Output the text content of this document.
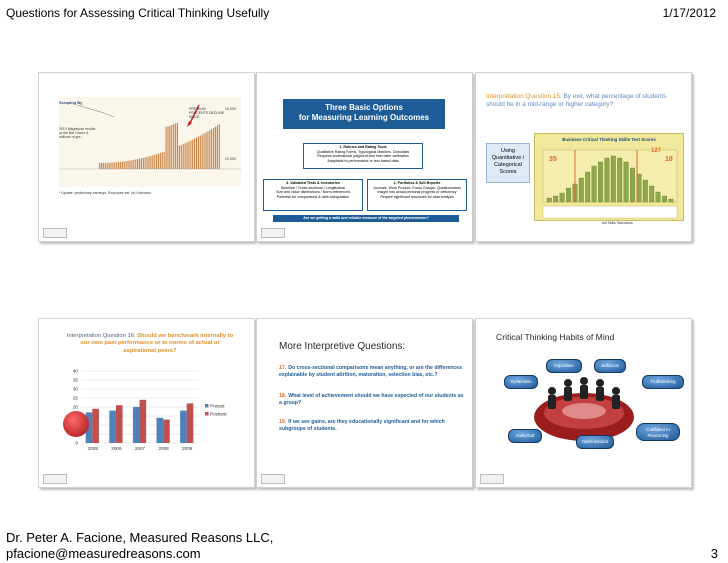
Questions for Assessing Critical Thinking Usefully	1/17/2012
Scraping By
2010 Magnitude results at the Bar Grad's 4 millions of gre...
PREMIUM
PERCENTS DECLINE
SINCE
10,000
12,000
* Update: preliminary earnings, Employee set; (e) Unknown.

Three Basic Options
for Measuring Learning Outcomes
1. Rubrics and Rating Tools
Qualitative Rating Forms, Typological Matches, Checklists
Requires professional judgment and inter-rater calibration
Adaptable to performance or text-based data
3. Validated Tests & Inventories
Baseline / Cross-sectional / Longitudinal
Size and value distributions / Norm-referenced
Potential for comparisons & data triangulation
2. Portfolios & Self-Reports
Journals, Work Product, Focus Groups, Questionnaires
Insight into actual personal progress or deficiency
Require significant resources for data analysis
Are we getting a valid and reliable measure of the targeted phenomenon?
Interpretation Question 15. By exit, what percentage of students should be in a mid-range or higher category?
Using Quantitative / Categorical Scores
Business Critical Thinking Skills Test Scores
127
35	18
Intl Skills Standards
Interpretation Question 16: Should we benchmark internally to our own past performance or to norms of actual or aspirational peers?
0
20
25
30
35
40
2005	2006	2007	2008	2009
Pretest
Posttest
More Interpretive Questions:
17. Do cross-sectional comparisons mean anything, or are the differences explainable by student attrition, maturation, selection bias, etc.?
18. What level of achievement should we have expected of our students as a group?
19. If we see gains, are they educationally significant and for which subgroups of students.
Critical Thinking Habits of Mind
Inquisitive	Judicious
Systematic	Truthseeking
Analytical
Open-minded
Confident in Reasoning
Dr. Peter A. Facione, Measured Reasons LLC,
pfacione@measuredreasons.com	3
